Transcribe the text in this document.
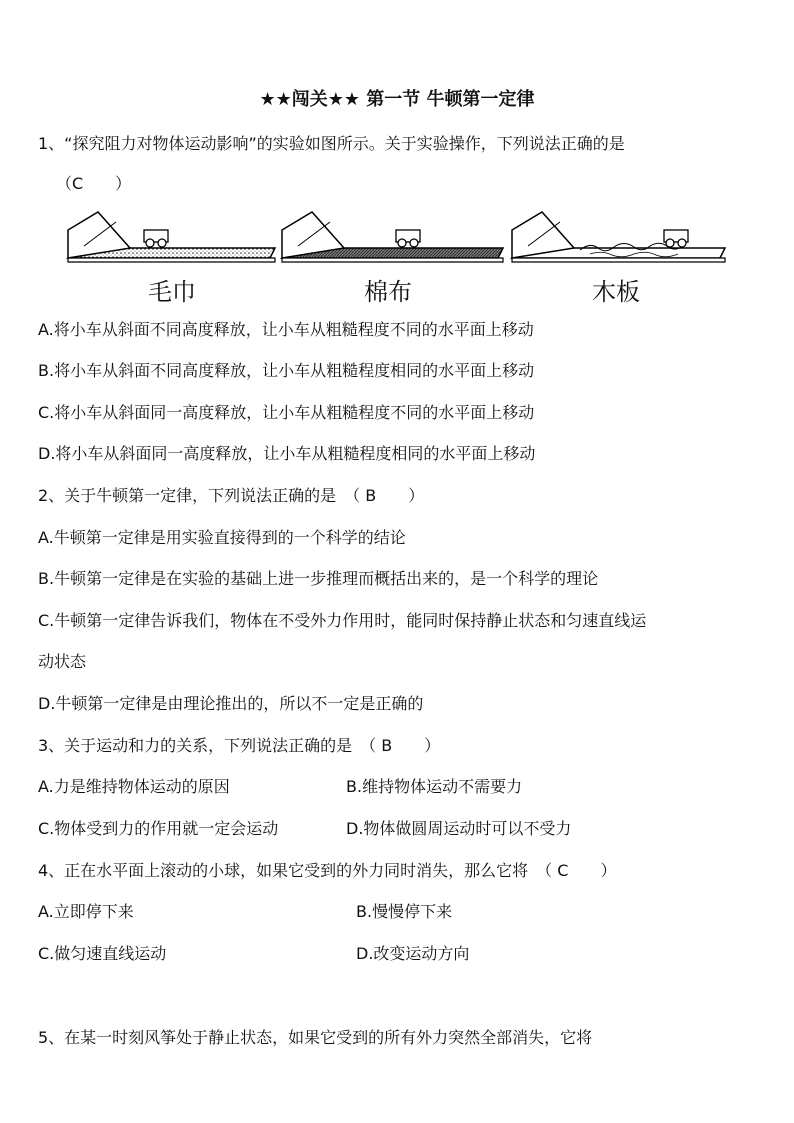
★★闯关★★ 第一节 牛顿第一定律
1、“探究阻力对物体运动影响”的实验如图所示。关于实验操作，下列说法正确的是
（C　　）
毛巾	棉布	木板
A.将小车从斜面不同高度释放，让小车从粗糙程度不同的水平面上移动
B.将小车从斜面不同高度释放，让小车从粗糙程度相同的水平面上移动
C.将小车从斜面同一高度释放，让小车从粗糙程度不同的水平面上移动
D.将小车从斜面同一高度释放，让小车从粗糙程度相同的水平面上移动
2、关于牛顿第一定律，下列说法正确的是　（ B　　）
A.牛顿第一定律是用实验直接得到的一个科学的结论
B.牛顿第一定律是在实验的基础上进一步推理而概括出来的，是一个科学的理论
C.牛顿第一定律告诉我们，物体在不受外力作用时，能同时保持静止状态和匀速直线运
动状态
D.牛顿第一定律是由理论推出的，所以不一定是正确的
3、关于运动和力的关系，下列说法正确的是　（ B　　）
A.力是维持物体运动的原因	B.维持物体运动不需要力
C.物体受到力的作用就一定会运动	D.物体做圆周运动时可以不受力
4、正在水平面上滚动的小球，如果它受到的外力同时消失，那么它将　（ C　　）
A.立即停下来	B.慢慢停下来
C.做匀速直线运动	D.改变运动方向
5、在某一时刻风筝处于静止状态，如果它受到的所有外力突然全部消失，它将
